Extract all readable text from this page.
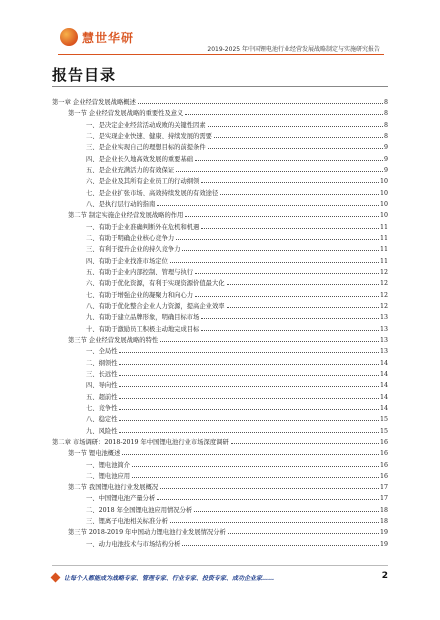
慧世华研
2019-2025 年中国锂电池行业经营发展战略制定与实施研究报告
报告目录
第一章 企业经营发展战略概述	8
第一节 企业经营发展战略的重要性及意义	8
一、是决定企业经营活动成败的关键性因素	8
二、是实现企业快速、健康、持续发展的需要	8
三、是企业实现自己的理想目标的前提条件	9
四、是企业长久地高效发展的重要基础	9
五、是企业充满活力的有效保证	9
六、是企业及其所有企业员工的行动纲领	10
七、是企业扩张市场、高效持续发展的有效途径	10
八、是执行层行动的指南	10
第二节 制定实施企业经营发展战略的作用	10
一、有助于企业准确判断外在危机和机遇	11
二、有助于明确企业核心竞争力	11
三、有利于提升企业的持久竞争力	11
四、有助于企业找准市场定位	11
五、有助于企业内部控制、管理与执行	12
六、有助于优化资源，有利于实现资源价值最大化	12
七、有助于增强企业的凝聚力和向心力	12
八、有助于优化整合企业人力资源，提高企业效率	12
九、有助于建立品牌形象，明确目标市场	13
十、有助于激励员工积极主动地完成目标	13
第三节 企业经营发展战略的特性	13
一、全局性	13
二、纲领性	14
三、长远性	14
四、导向性	14
五、超前性	14
七、竞争性	14
八、稳定性	15
九、风险性	15
第二章 市场调研：2018-2019 年中国锂电池行业市场深度调研	16
第一节 锂电池概述	16
一、锂电池简介	16
二、锂电池应用	16
第二节 我国锂电池行业发展概况	17
一、中国锂电池产量分析	17
二、2018 年全国锂电池应用情况分析	18
三、锂离子电池相关标准分析	18
第三节 2018-2019 年中国动力锂电池行业发展情况分析	19
一、动力电池技术与市场结构分析	19
让每个人都能成为战略专家、管理专家、行业专家、投资专家、成功企业家……	2
